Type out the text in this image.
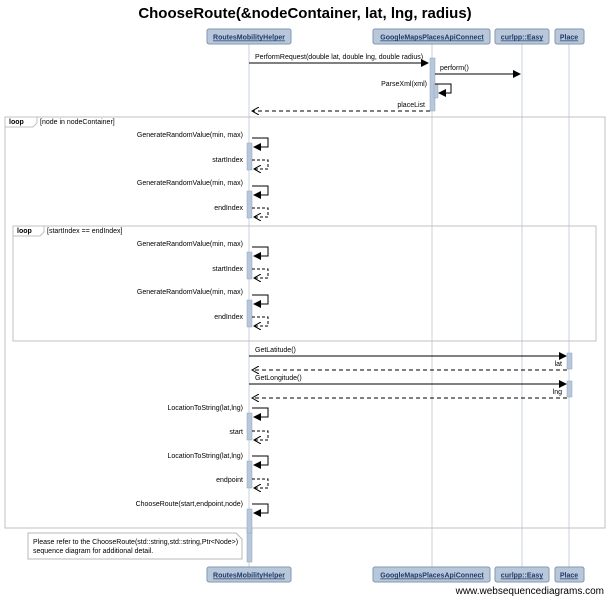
ChooseRoute(&nodeContainer, lat, lng, radius)
loop [node in nodeContainer]
loop [startIndex == endIndex]
PerformRequest(double lat, double lng, double radius)
perform()
ParseXml(xml)
placeList
GenerateRandomValue(min, max)
startIndex
GenerateRandomValue(min, max)
endIndex
GenerateRandomValue(min, max)
startIndex
GenerateRandomValue(min, max)
endIndex
GetLatitude()
lat
GetLongitude()
lng
LocationToString(lat,lng)
start
LocationToString(lat,lng)
endpoint
ChooseRoute(start,endpoint,node)
Please refer to the ChooseRoute(std::string,std::string,Ptr<Node>)
sequence diagram for additional detail.
RoutesMobilityHelper	GoogleMapsPlacesApiConnect curlpp::Easy Place
RoutesMobilityHelper	GoogleMapsPlacesApiConnect curlpp::Easy Place
www.websequencediagrams.com
